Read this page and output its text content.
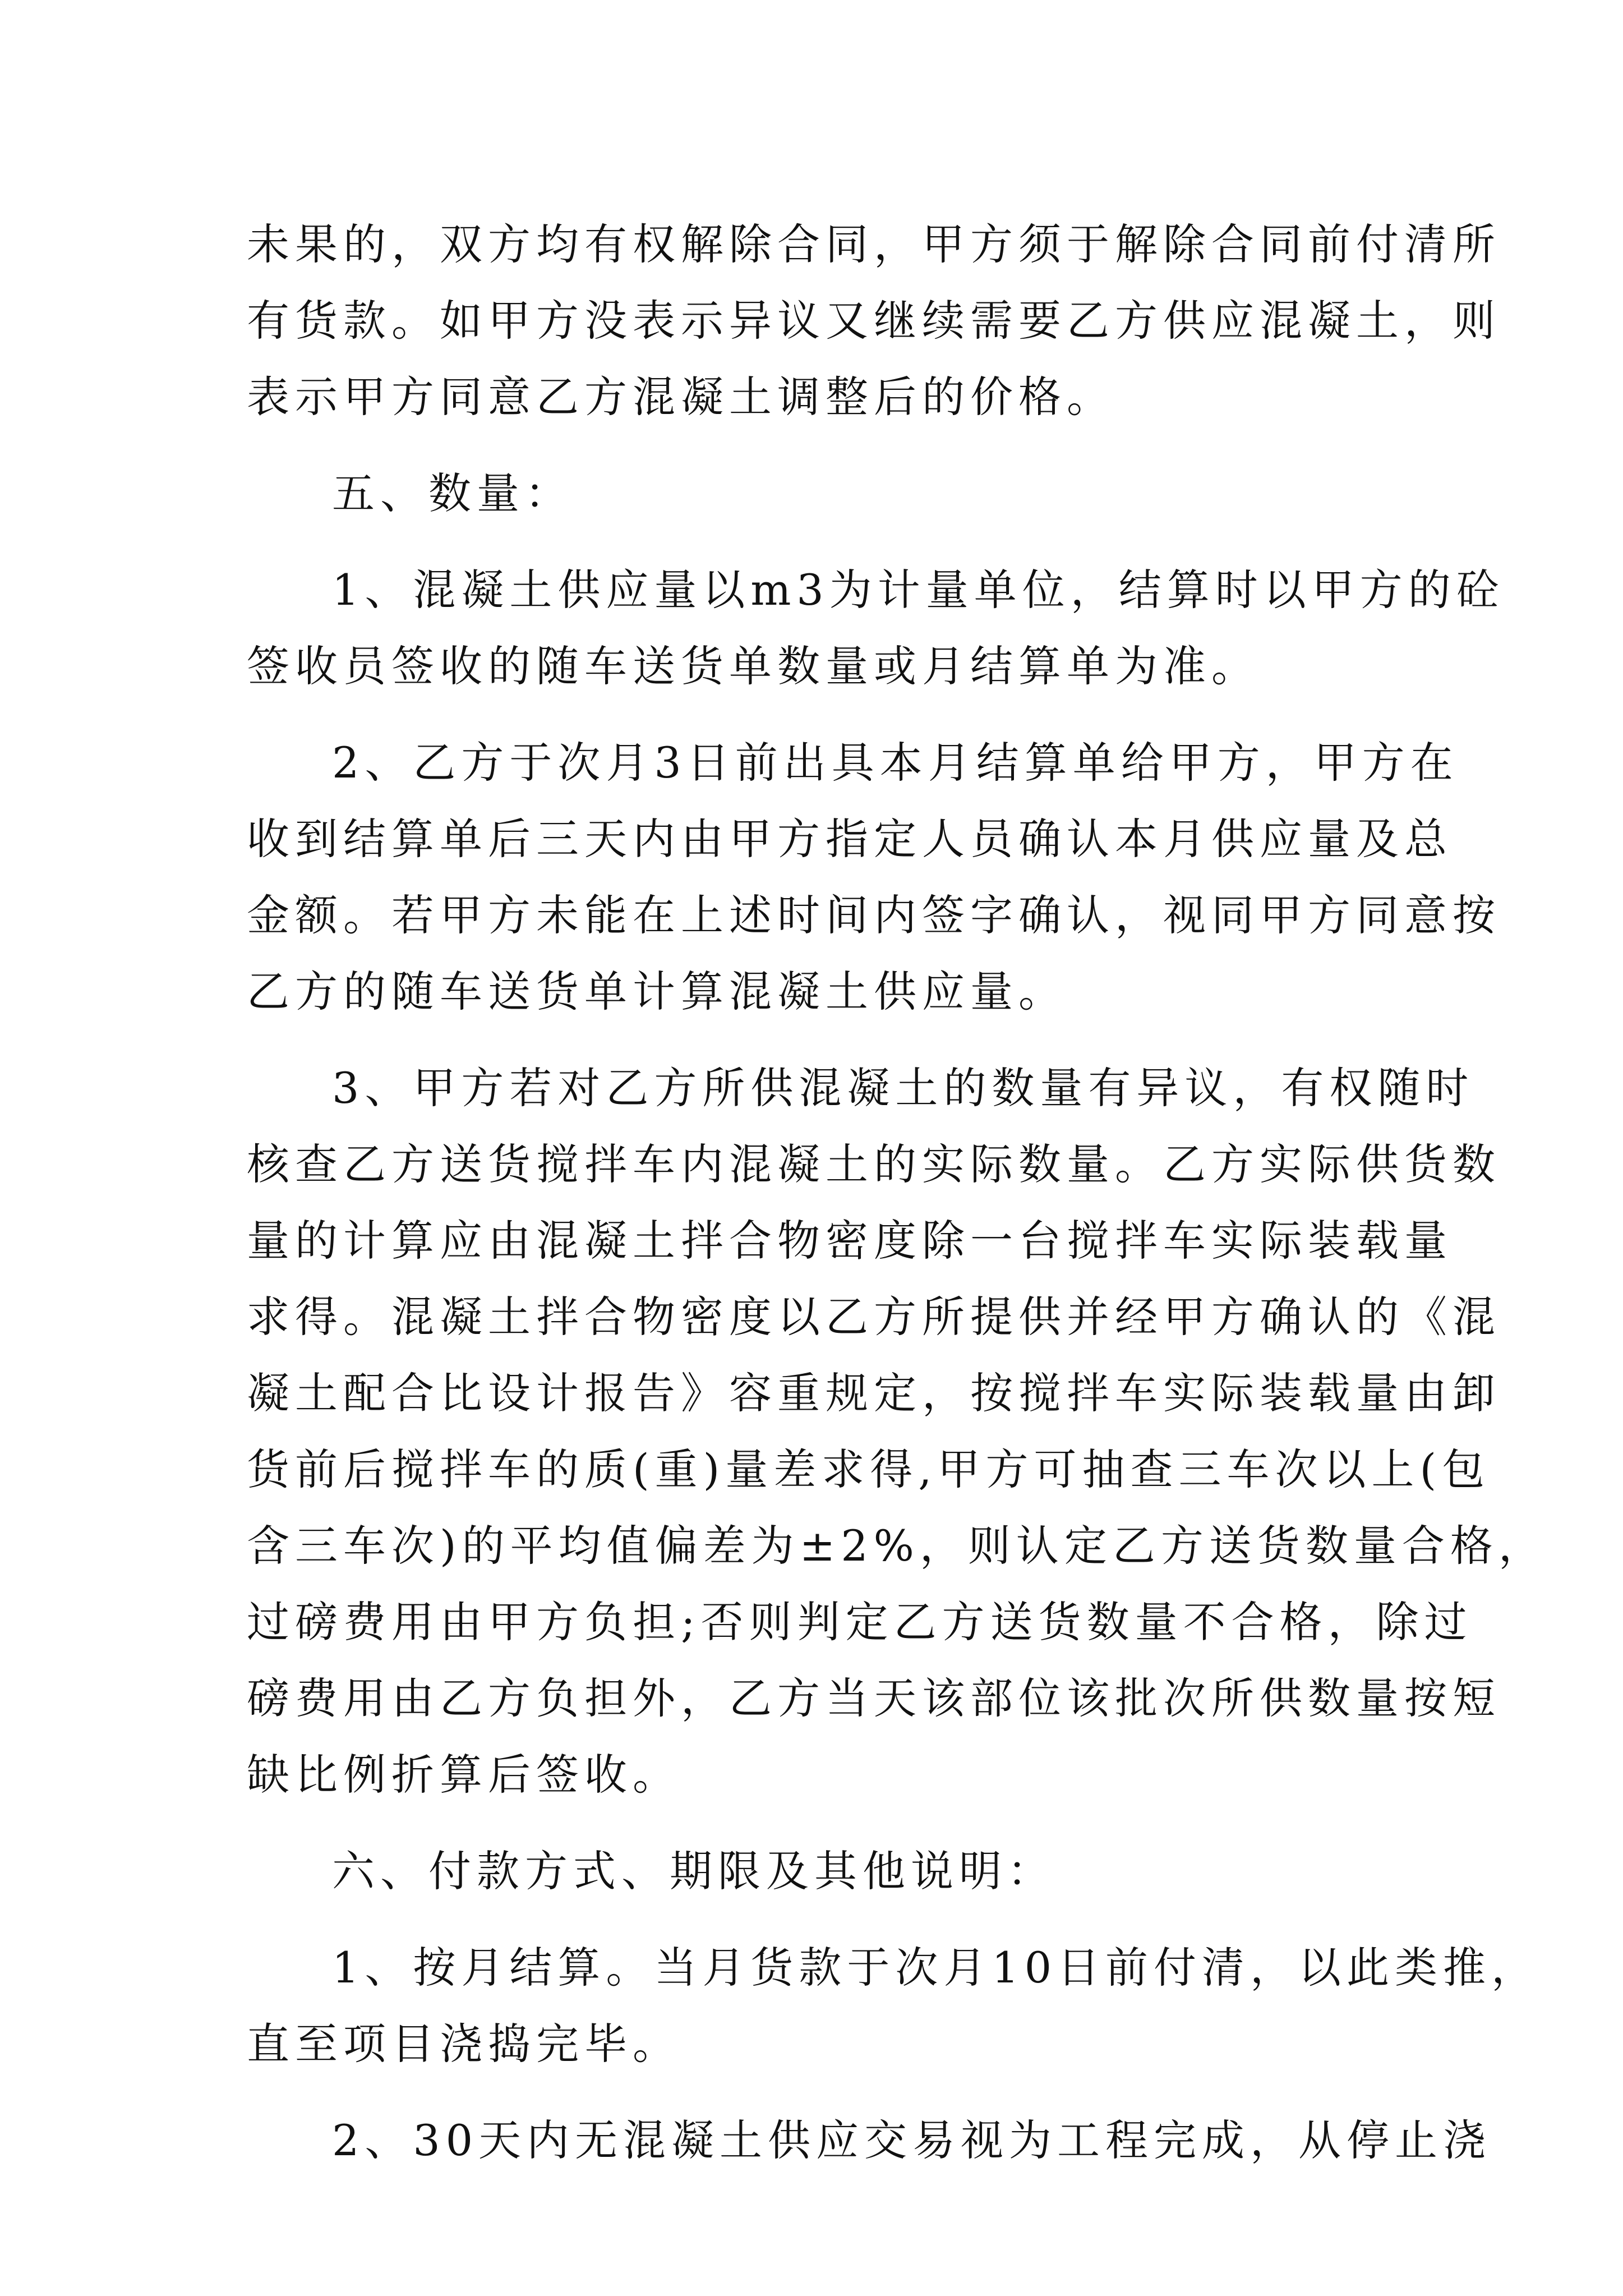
未果的，双方均有权解除合同，甲方须于解除合同前付清所
有货款。如甲方没表示异议又继续需要乙方供应混凝土，则
表示甲方同意乙方混凝土调整后的价格。
五、数量：
1、混凝土供应量以m3为计量单位，结算时以甲方的砼
签收员签收的随车送货单数量或月结算单为准。
2、乙方于次月3日前出具本月结算单给甲方，甲方在
收到结算单后三天内由甲方指定人员确认本月供应量及总
金额。若甲方未能在上述时间内签字确认，视同甲方同意按
乙方的随车送货单计算混凝土供应量。
3、甲方若对乙方所供混凝土的数量有异议，有权随时
核查乙方送货搅拌车内混凝土的实际数量。乙方实际供货数
量的计算应由混凝土拌合物密度除一台搅拌车实际装载量
求得。混凝土拌合物密度以乙方所提供并经甲方确认的《混
凝土配合比设计报告》容重规定，按搅拌车实际装载量由卸
货前后搅拌车的质(重)量差求得,甲方可抽查三车次以上(包
含三车次)的平均值偏差为±2%，则认定乙方送货数量合格，
过磅费用由甲方负担;否则判定乙方送货数量不合格，除过
磅费用由乙方负担外，乙方当天该部位该批次所供数量按短
缺比例折算后签收。
六、付款方式、期限及其他说明：
1、按月结算。当月货款于次月10日前付清，以此类推，
直至项目浇捣完毕。
2、30天内无混凝土供应交易视为工程完成，从停止浇
